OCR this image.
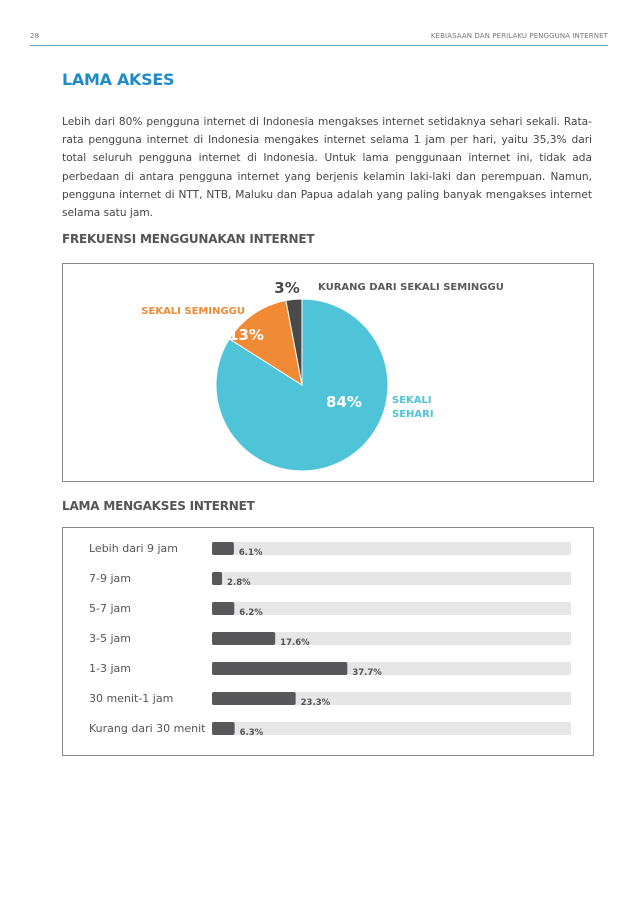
28	KEBIASAAN DAN PERILAKU PENGGUNA INTERNET
LAMA AKSES

Lebih dari 80% pengguna internet di Indonesia mengakses internet setidaknya sehari sekali. Rata-rata pengguna internet di Indonesia mengakes internet selama 1 jam per hari, yaitu 35,3% dari total seluruh pengguna internet di Indonesia. Untuk lama penggunaan internet ini, tidak ada perbedaan di antara pengguna internet yang berjenis kelamin laki-laki dan perempuan. Namun, pengguna internet di NTT, NTB, Maluku dan Papua adalah yang paling banyak mengakses internet selama satu jam.

FREKUENSI MENGGUNAKAN INTERNET
84%
13%
3%
SEKALI SEHARI
SEKALI SEMINGGU
KURANG DARI SEKALI SEMINGGU
LAMA MENGAKSES INTERNET
Lebih dari 9 jam
7-9 jam
5-7 jam
3-5 jam
1-3 jam
30 menit-1 jam
Kurang dari 30 menit
6.1%
2.8%
6.2%
17.6%
37.7%
23.3%
6.3%
